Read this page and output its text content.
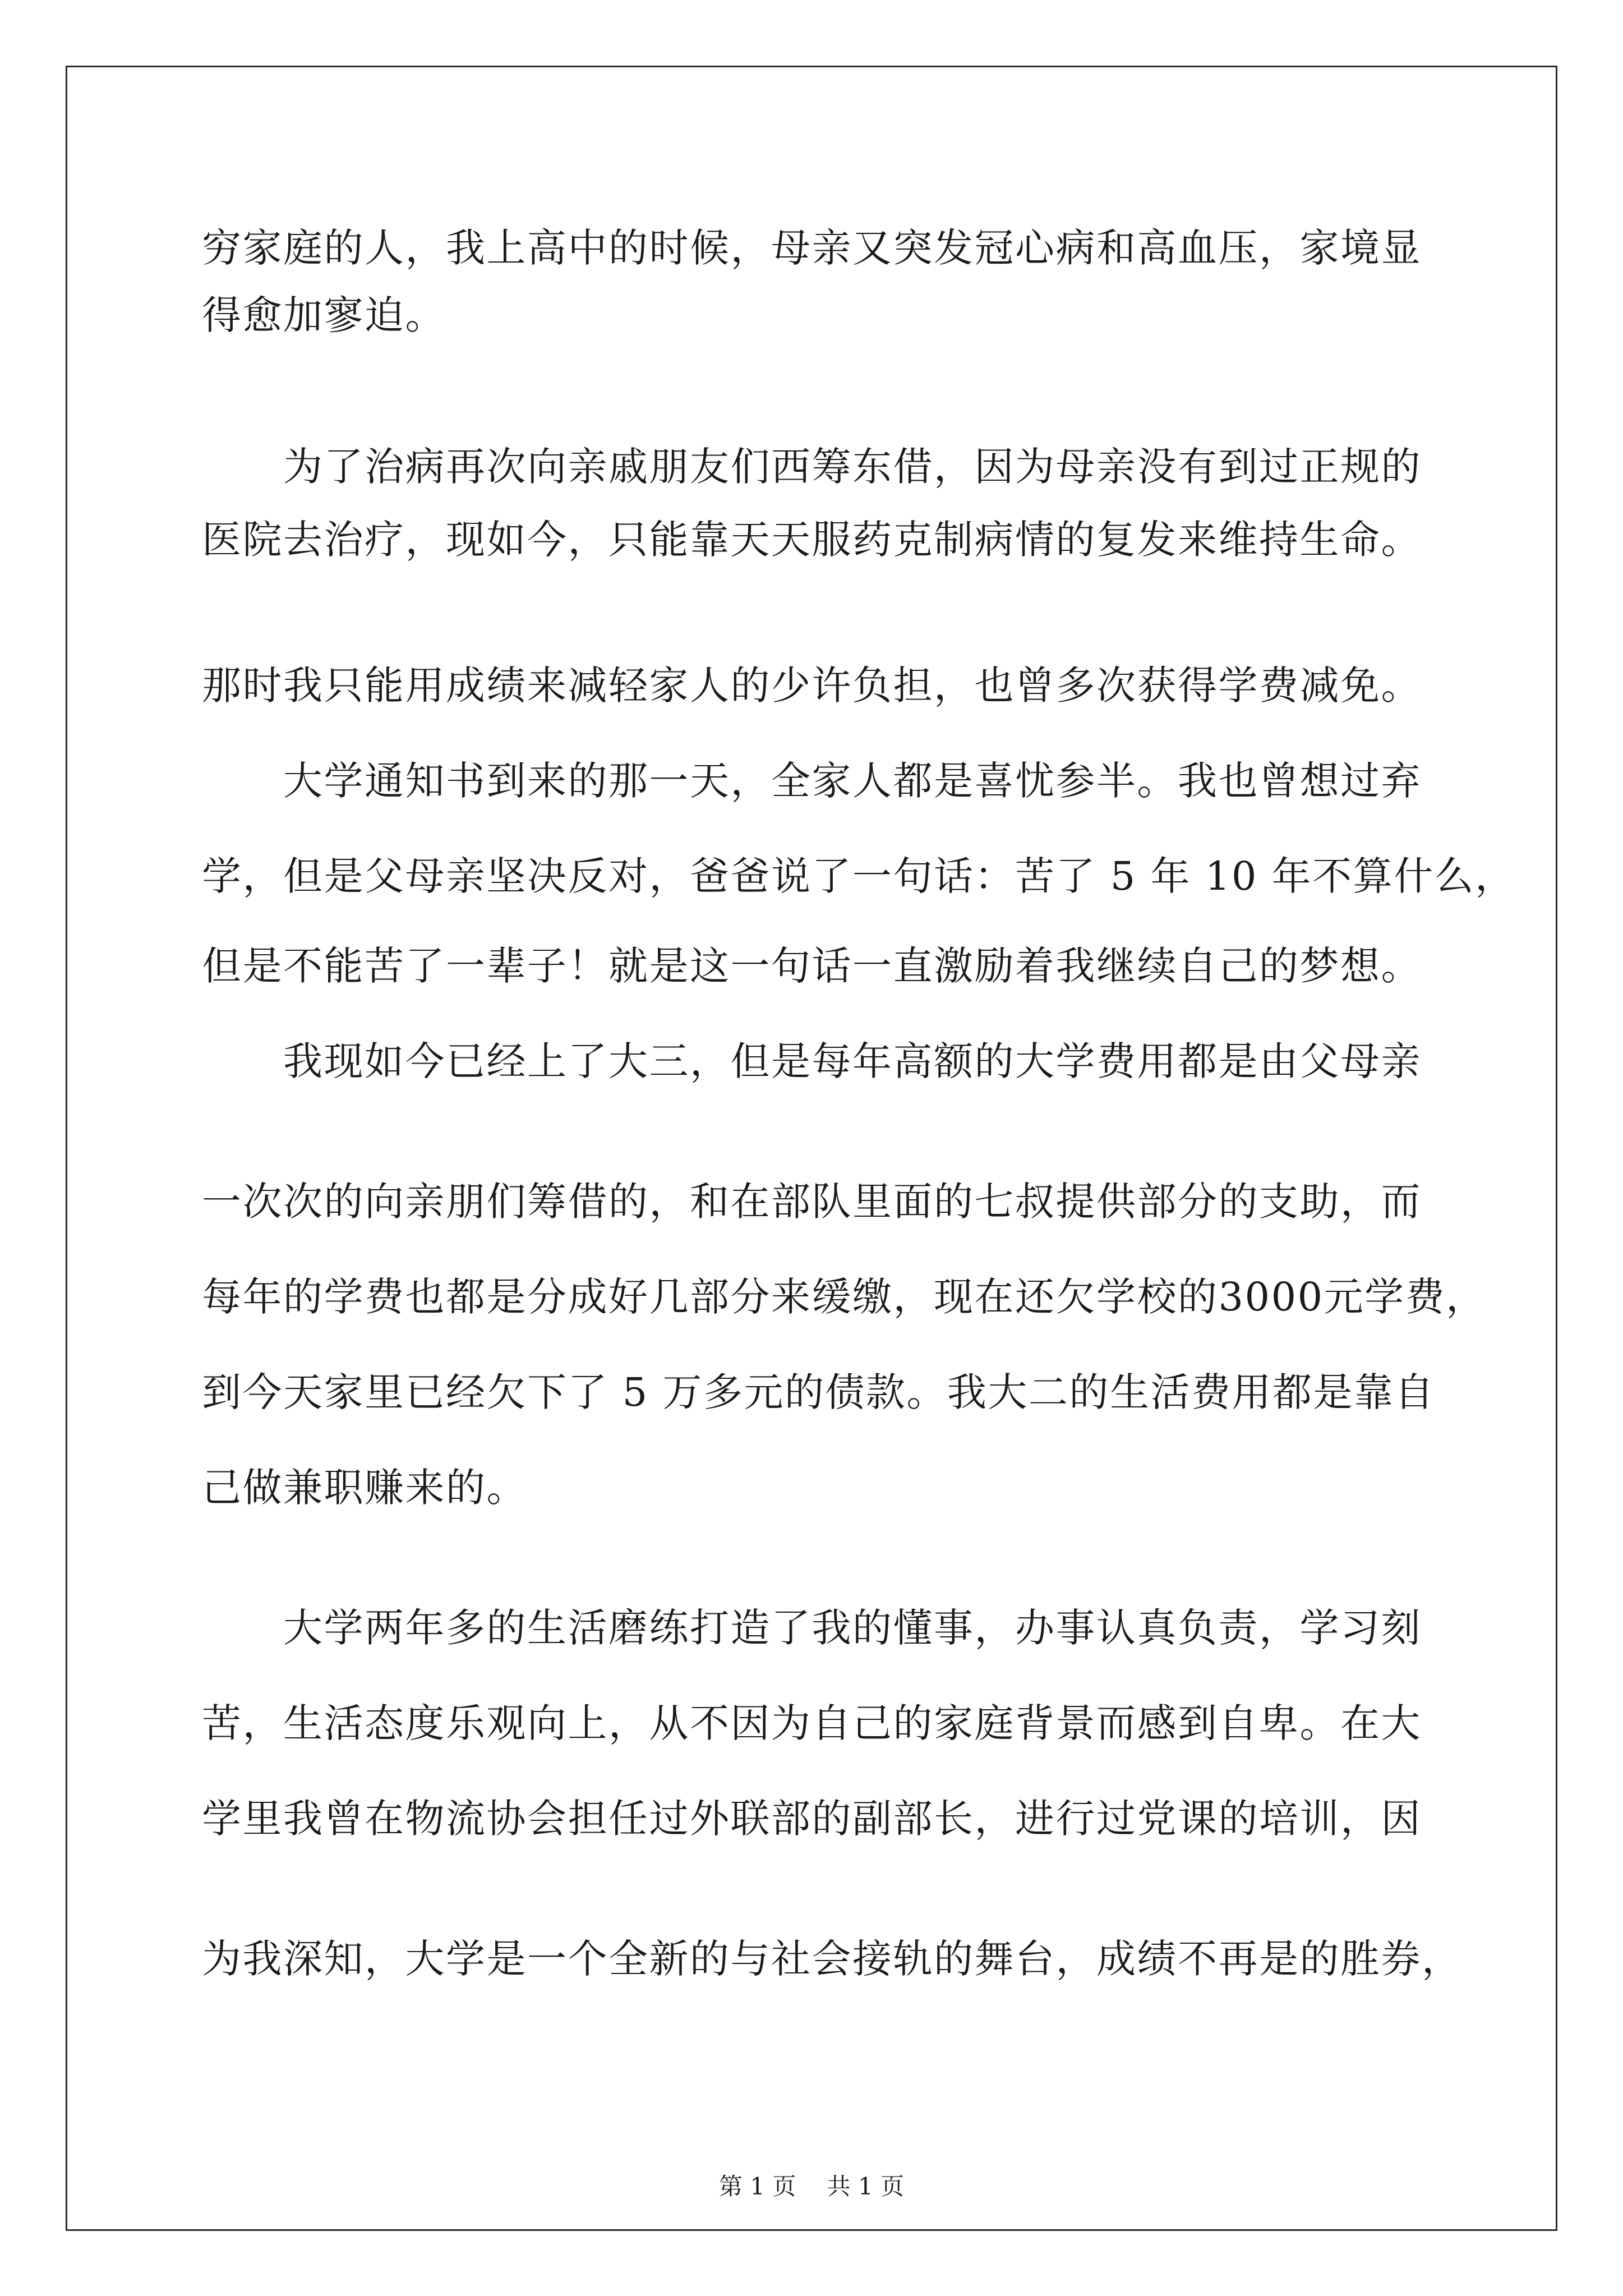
穷家庭的人，我上高中的时候，母亲又突发冠心病和高血压，家境显

得愈加寥迫。

　　为了治病再次向亲戚朋友们西筹东借，因为母亲没有到过正规的

医院去治疗，现如今，只能靠天天服药克制病情的复发来维持生命。

那时我只能用成绩来减轻家人的少许负担，也曾多次获得学费减免。

　　大学通知书到来的那一天，全家人都是喜忧参半。我也曾想过弃

学，但是父母亲坚决反对，爸爸说了一句话：苦了 5 年 10 年不算什么，

但是不能苦了一辈子！就是这一句话一直激励着我继续自己的梦想。

　　我现如今已经上了大三，但是每年高额的大学费用都是由父母亲

一次次的向亲朋们筹借的，和在部队里面的七叔提供部分的支助，而

每年的学费也都是分成好几部分来缓缴，现在还欠学校的3000元学费，

到今天家里已经欠下了 5 万多元的债款。我大二的生活费用都是靠自

己做兼职赚来的。

　　大学两年多的生活磨练打造了我的懂事，办事认真负责，学习刻

苦，生活态度乐观向上，从不因为自己的家庭背景而感到自卑。在大

学里我曾在物流协会担任过外联部的副部长，进行过党课的培训，因

为我深知，大学是一个全新的与社会接轨的舞台，成绩不再是的胜券，

第 1 页　 共 1 页
